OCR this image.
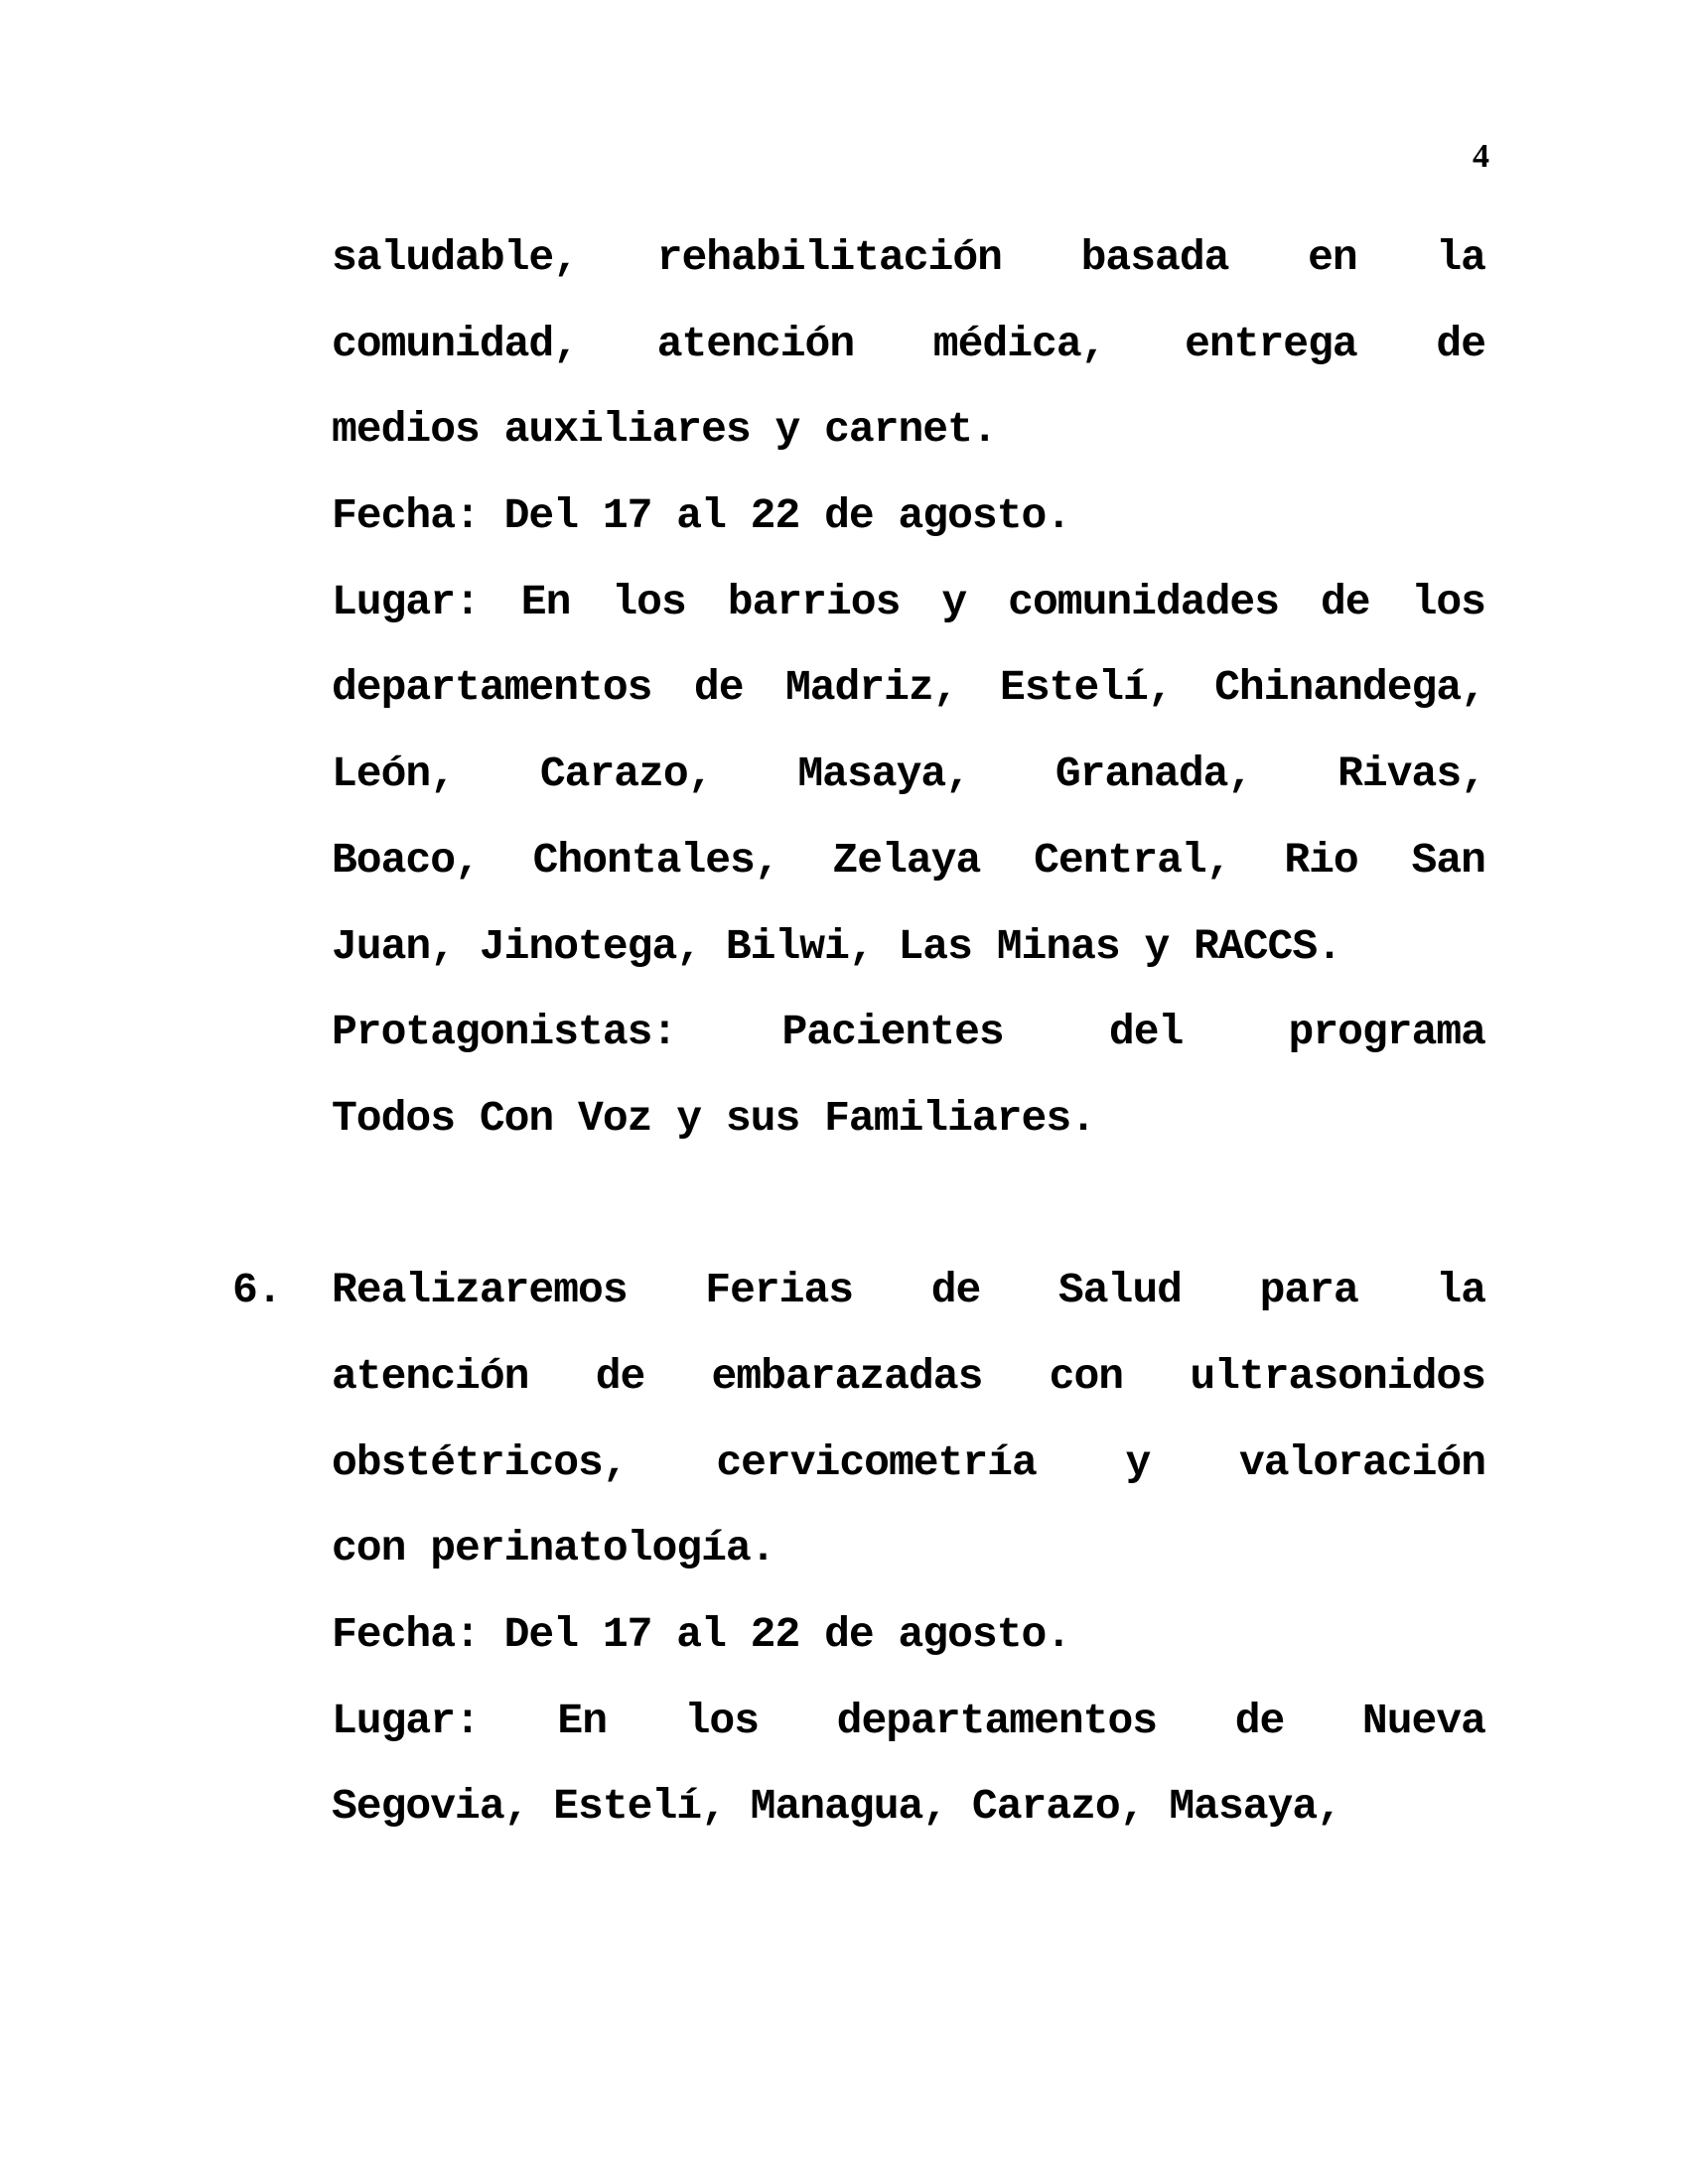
4
saludable, rehabilitación basada en la
comunidad, atención médica, entrega de
medios auxiliares y carnet.
Fecha: Del 17 al 22 de agosto.
Lugar: En los barrios y comunidades de los
departamentos de Madriz, Estelí, Chinandega,
León, Carazo, Masaya, Granada, Rivas,
Boaco, Chontales, Zelaya Central, Rio San
Juan, Jinotega, Bilwi, Las Minas y RACCS.
Protagonistas: Pacientes del programa
Todos Con Voz y sus Familiares.
6. Realizaremos Ferias de Salud para la
atención de embarazadas con ultrasonidos
obstétricos, cervicometría y valoración
con perinatología.
Fecha: Del 17 al 22 de agosto.
Lugar: En los departamentos de Nueva
Segovia, Estelí, Managua, Carazo, Masaya,
